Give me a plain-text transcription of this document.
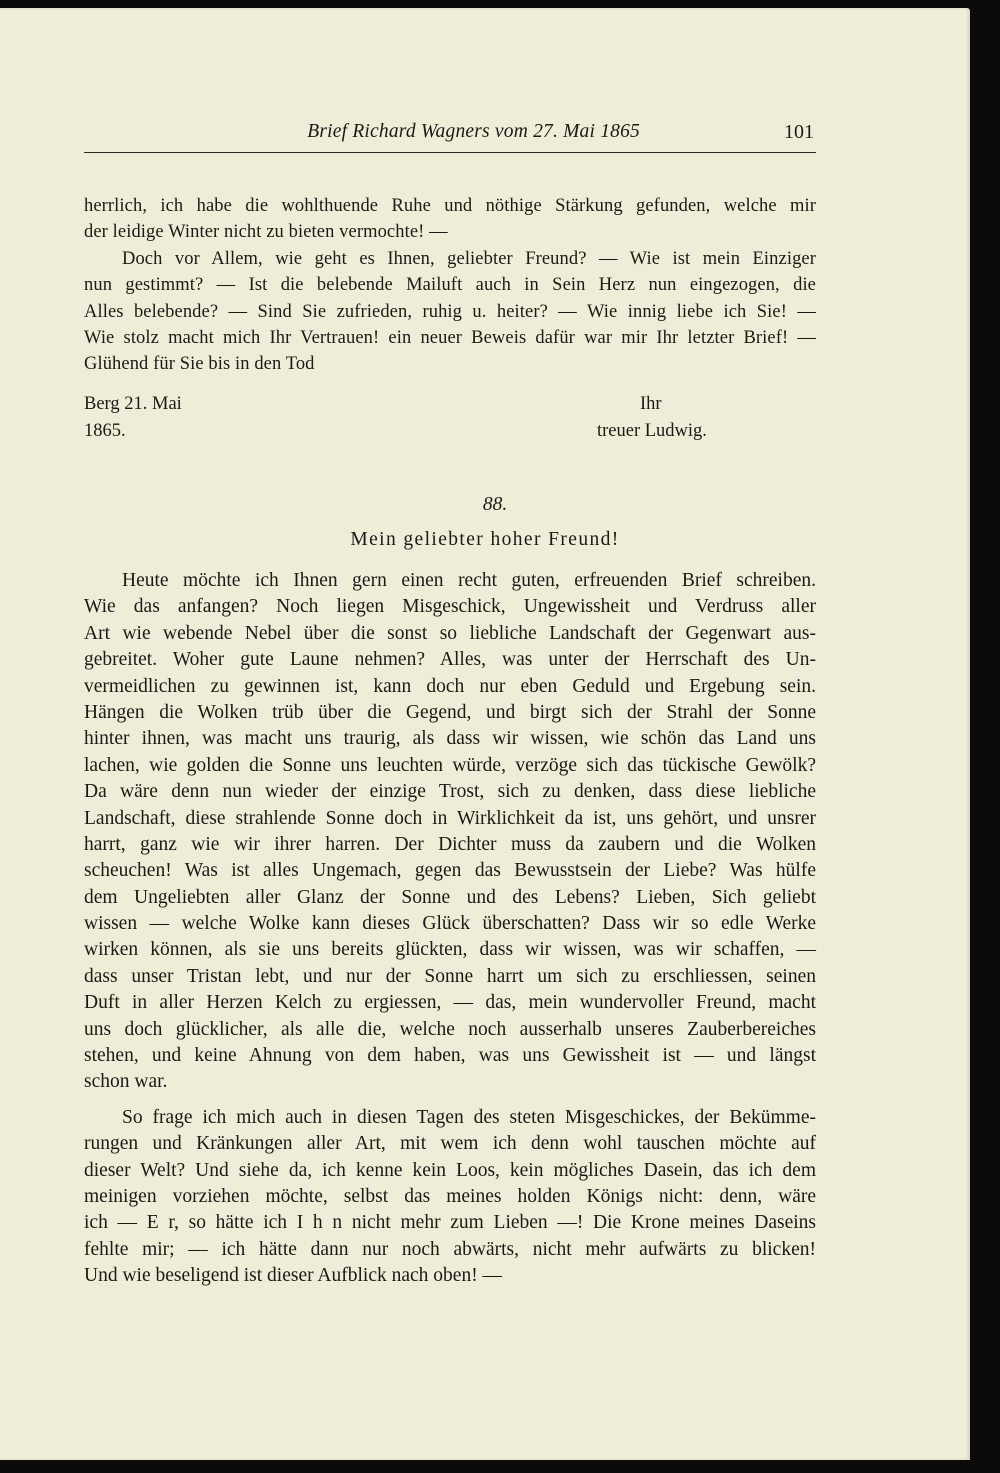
Brief Richard Wagners vom 27. Mai 1865	101
herrlich, ich habe die wohlthuende Ruhe und nöthige Stärkung gefunden, welche mir
der leidige Winter nicht zu bieten vermochte! —
Doch vor Allem, wie geht es Ihnen, geliebter Freund? — Wie ist mein Einziger
nun gestimmt? — Ist die belebende Mailuft auch in Sein Herz nun eingezogen, die
Alles belebende? — Sind Sie zufrieden, ruhig u. heiter? — Wie innig liebe ich Sie! —
Wie stolz macht mich Ihr Vertrauen! ein neuer Beweis dafür war mir Ihr letzter Brief! —
Glühend für Sie bis in den Tod
Berg 21. Mai	Ihr
1865.	treuer Ludwig.
88.
Mein geliebter hoher Freund!
Heute möchte ich Ihnen gern einen recht guten, erfreuenden Brief schreiben.
Wie das anfangen? Noch liegen Misgeschick, Ungewissheit und Verdruss aller
Art wie webende Nebel über die sonst so liebliche Landschaft der Gegenwart aus-
gebreitet. Woher gute Laune nehmen? Alles, was unter der Herrschaft des Un-
vermeidlichen zu gewinnen ist, kann doch nur eben Geduld und Ergebung sein.
Hängen die Wolken trüb über die Gegend, und birgt sich der Strahl der Sonne
hinter ihnen, was macht uns traurig, als dass wir wissen, wie schön das Land uns
lachen, wie golden die Sonne uns leuchten würde, verzöge sich das tückische Gewölk?
Da wäre denn nun wieder der einzige Trost, sich zu denken, dass diese liebliche
Landschaft, diese strahlende Sonne doch in Wirklichkeit da ist, uns gehört, und unsrer
harrt, ganz wie wir ihrer harren. Der Dichter muss da zaubern und die Wolken
scheuchen! Was ist alles Ungemach, gegen das Bewusstsein der Liebe? Was hülfe
dem Ungeliebten aller Glanz der Sonne und des Lebens? Lieben, Sich geliebt
wissen — welche Wolke kann dieses Glück überschatten? Dass wir so edle Werke
wirken können, als sie uns bereits glückten, dass wir wissen, was wir schaffen, —
dass unser Tristan lebt, und nur der Sonne harrt um sich zu erschliessen, seinen
Duft in aller Herzen Kelch zu ergiessen, — das, mein wundervoller Freund, macht
uns doch glücklicher, als alle die, welche noch ausserhalb unseres Zauberbereiches
stehen, und keine Ahnung von dem haben, was uns Gewissheit ist — und längst
schon war.
So frage ich mich auch in diesen Tagen des steten Misgeschickes, der Bekümme-
rungen und Kränkungen aller Art, mit wem ich denn wohl tauschen möchte auf
dieser Welt? Und siehe da, ich kenne kein Loos, kein mögliches Dasein, das ich dem
meinigen vorziehen möchte, selbst das meines holden Königs nicht: denn, wäre
ich — E r, so hätte ich I h n nicht mehr zum Lieben —! Die Krone meines Daseins
fehlte mir; — ich hätte dann nur noch abwärts, nicht mehr aufwärts zu blicken!
Und wie beseligend ist dieser Aufblick nach oben! —
